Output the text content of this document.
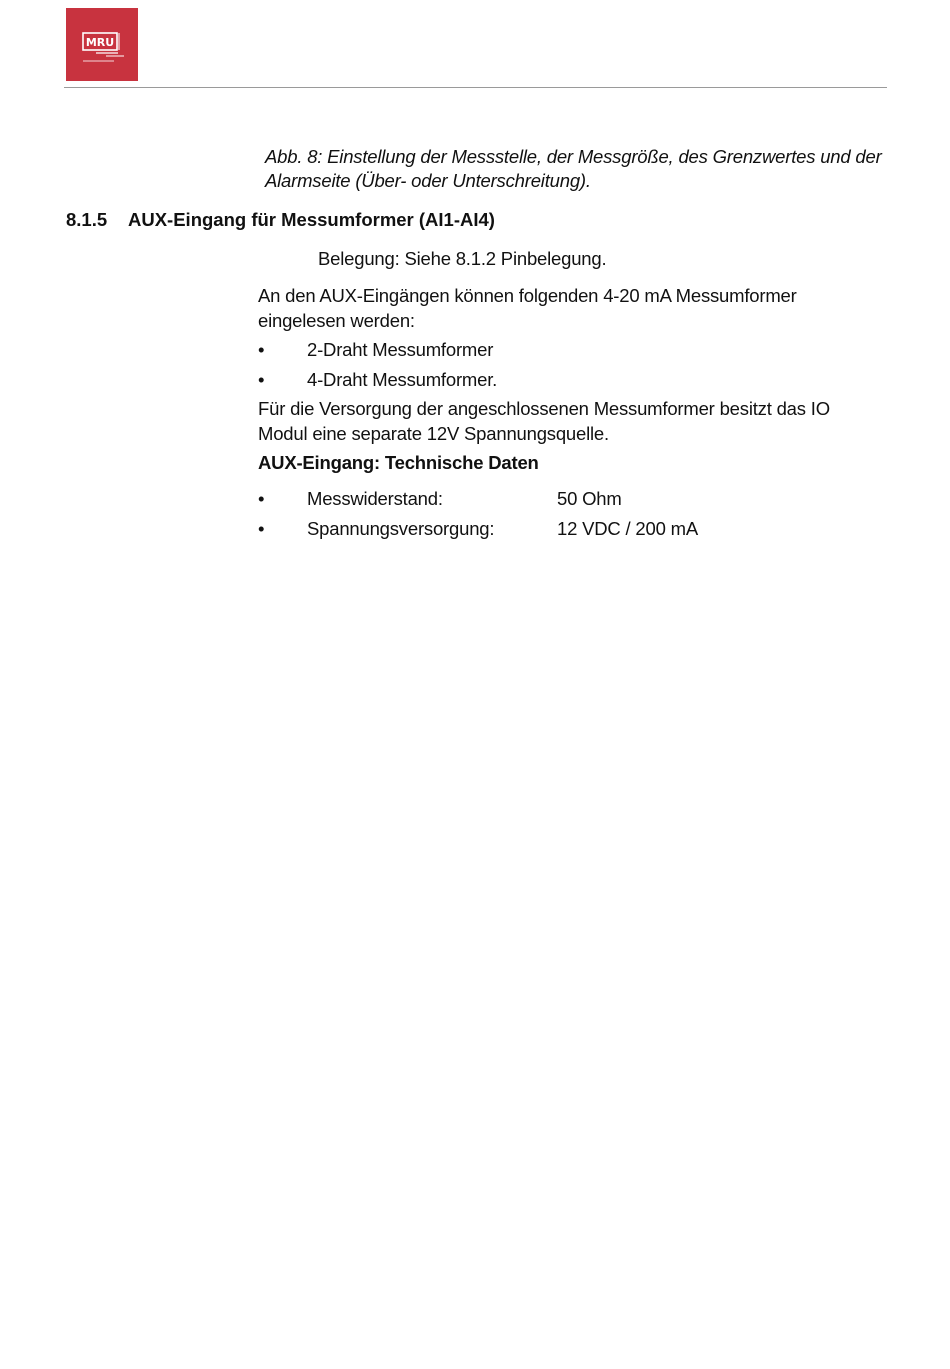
MRU
Abb. 8: Einstellung der Messstelle, der Messgröße, des Grenzwertes und der Alarmseite (Über- oder Unterschreitung).
8.1.5 AUX-Eingang für Messumformer (AI1-AI4)
Belegung: Siehe 8.1.2 Pinbelegung.
An den AUX-Eingängen können folgenden 4-20 mA Messumformer eingelesen werden:
• 2-Draht Messumformer
• 4-Draht Messumformer.
Für die Versorgung der angeschlossenen Messumformer besitzt das IO Modul eine separate 12V Spannungsquelle.
AUX-Eingang: Technische Daten
• Messwiderstand:	50 Ohm
• Spannungsversorgung:	12 VDC / 200 mA
